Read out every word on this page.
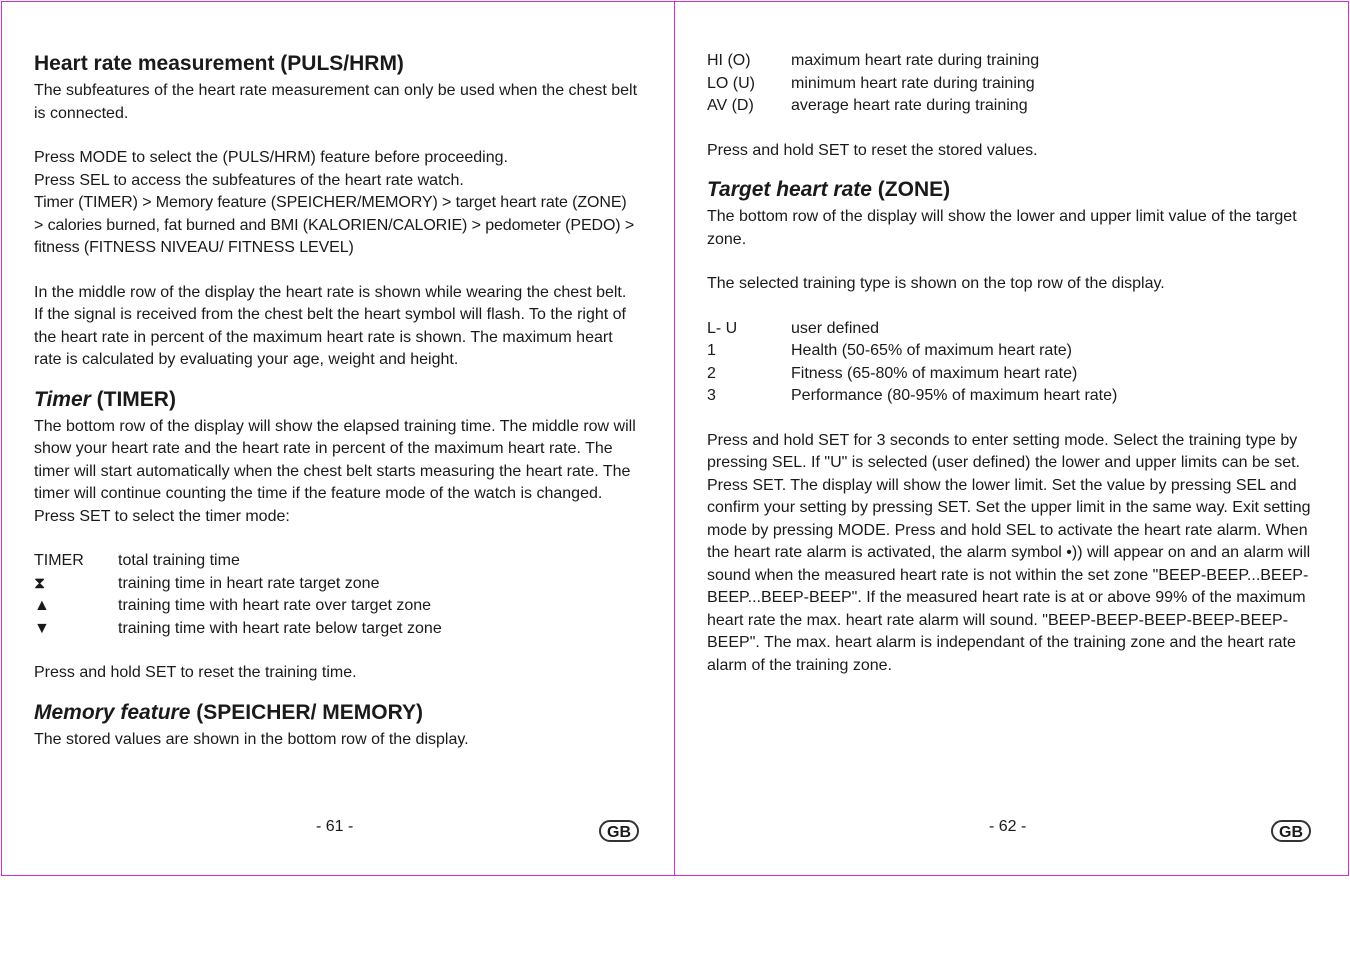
Heart rate measurement (PULS/HRM)

The subfeatures of the heart rate measurement can only be used when the chest belt is connected.

Press MODE to select the (PULS/HRM) feature before proceeding.

Press SEL to access the subfeatures of the heart rate watch.

Timer (TIMER) > Memory feature (SPEICHER/MEMORY) > target heart rate (ZONE) > calories burned, fat burned and BMI (KALORIEN/CALORIE) > pedometer (PEDO) > fitness (FITNESS NIVEAU/ FITNESS LEVEL)

In the middle row of the display the heart rate is shown while wearing the chest belt. If the signal is received from the chest belt the heart symbol will flash. To the right of the heart rate in percent of the maximum heart rate is shown. The maximum heart rate is calculated by evaluating your age, weight and height.

Timer (TIMER)

The bottom row of the display will show the elapsed training time. The middle row will show your heart rate and the heart rate in percent of the maximum heart rate. The timer will start automatically when the chest belt starts measuring the heart rate. The timer will continue counting the time if the feature mode of the watch is changed.

Press SET to select the timer mode:

TIMER	total training time
⧗	training time in heart rate target zone
▲	training time with heart rate over target zone
▼	training time with heart rate below target zone

Press and hold SET to reset the training time.

Memory feature (SPEICHER/ MEMORY)

The stored values are shown in the bottom row of the display.

- 61 -	GB
HI (O)	maximum heart rate during training
LO (U)	minimum heart rate during training
AV (D)	average heart rate during training

Press and hold SET to reset the stored values.

Target heart rate (ZONE)

The bottom row of the display will show the lower and upper limit value of the target zone.

The selected training type is shown on the top row of the display.

L- U	user defined
1	Health (50-65% of maximum heart rate)
2	Fitness (65-80% of maximum heart rate)
3	Performance (80-95% of maximum heart rate)

Press and hold SET for 3 seconds to enter setting mode. Select the training type by pressing SEL. If "U" is selected (user defined) the lower and upper limits can be set. Press SET. The display will show the lower limit. Set the value by pressing SEL and confirm your setting by pressing SET. Set the upper limit in the same way. Exit setting mode by pressing MODE. Press and hold SEL to activate the heart rate alarm. When the heart rate alarm is activated, the alarm symbol •)) will appear on and an alarm will sound when the measured heart rate is not within the set zone "BEEP-BEEP...BEEP-BEEP...BEEP-BEEP". If the measured heart rate is at or above 99% of the maximum heart rate the max. heart rate alarm will sound. "BEEP-BEEP-BEEP-BEEP-BEEP-BEEP". The max. heart alarm is independant of the training zone and the heart rate alarm of the training zone.

- 62 -	GB
